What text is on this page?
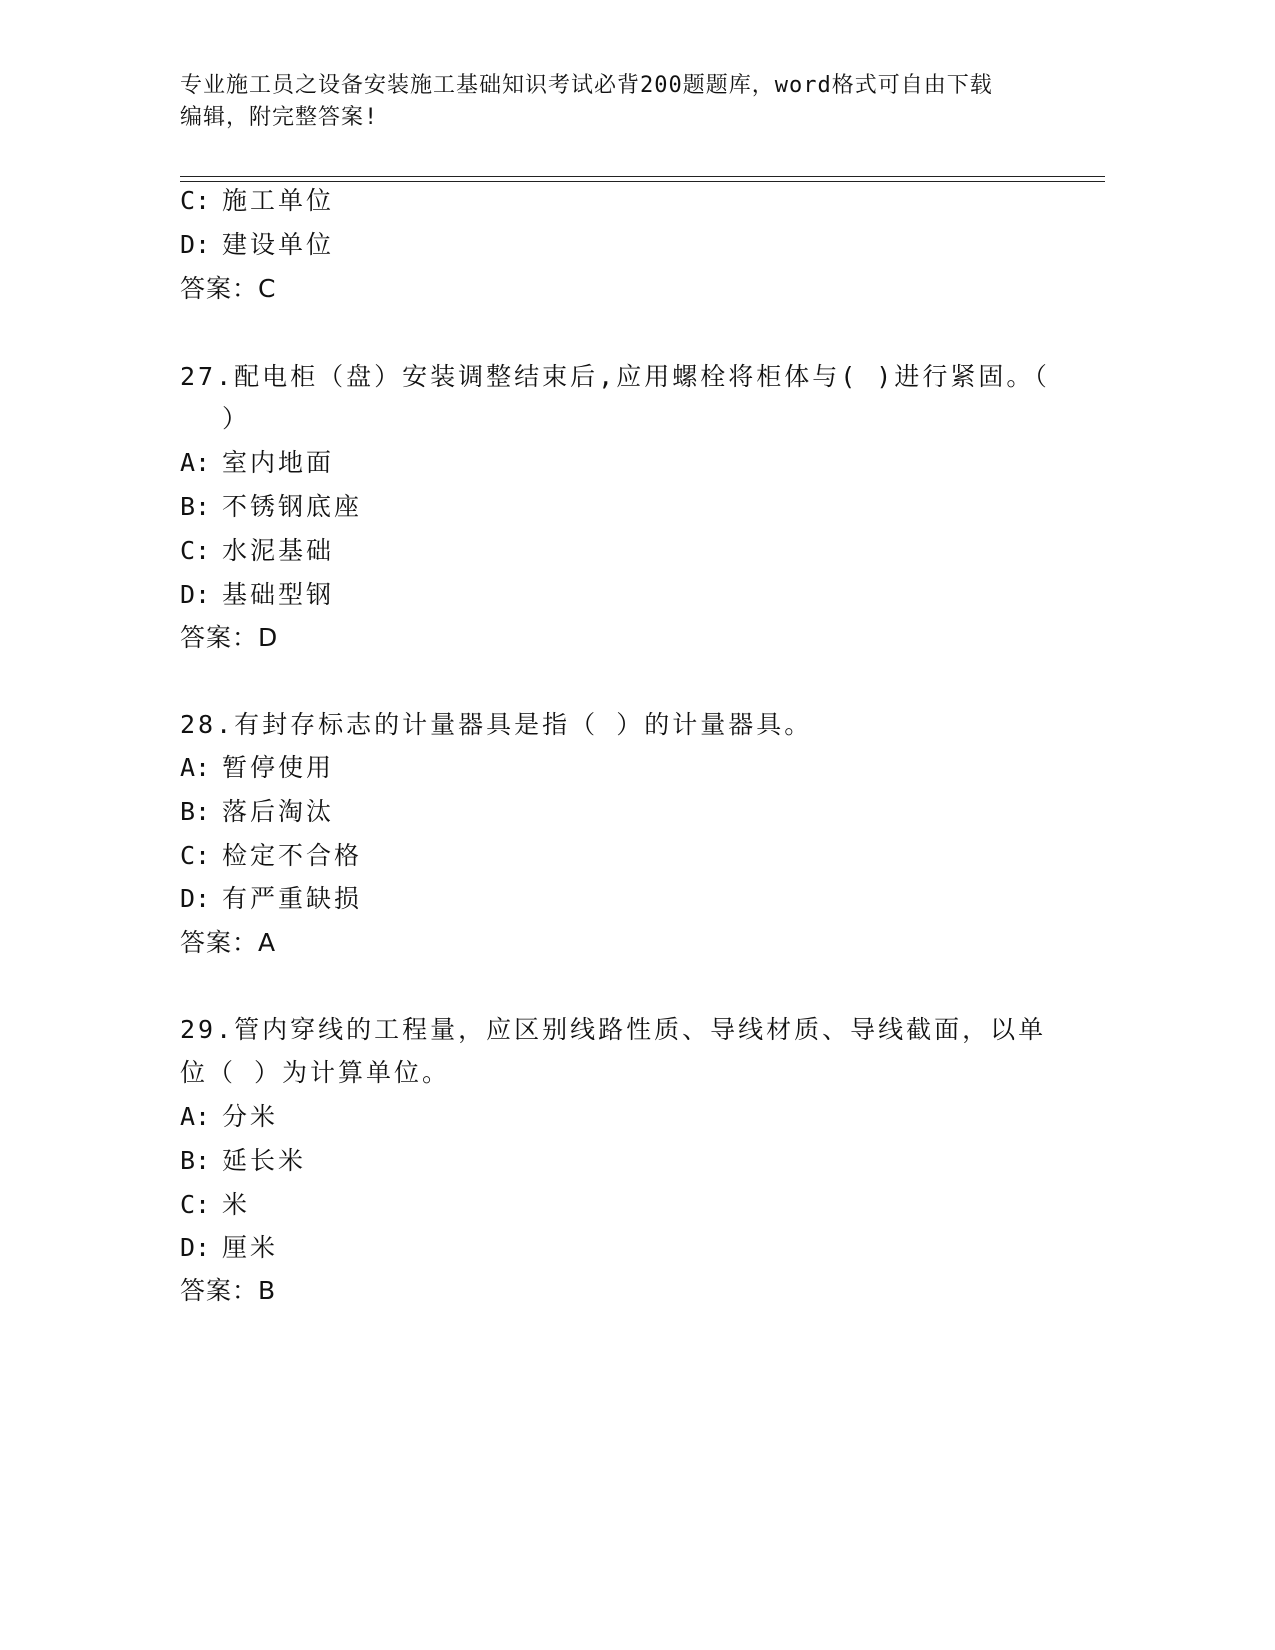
专业施工员之设备安装施工基础知识考试必背200题题库，word格式可自由下载
编辑，附完整答案!
C: 施工单位
D: 建设单位
答案：C
27.配电柜（盘）安装调整结束后,应用螺栓将柜体与( )进行紧固。（
）
A: 室内地面
B: 不锈钢底座
C: 水泥基础
D: 基础型钢
答案：D
28.有封存标志的计量器具是指（ ）的计量器具。
A: 暂停使用
B: 落后淘汰
C: 检定不合格
D: 有严重缺损
答案：A
29.管内穿线的工程量，应区别线路性质、导线材质、导线截面，以单
位（ ）为计算单位。
A: 分米
B: 延长米
C: 米
D: 厘米
答案：B
